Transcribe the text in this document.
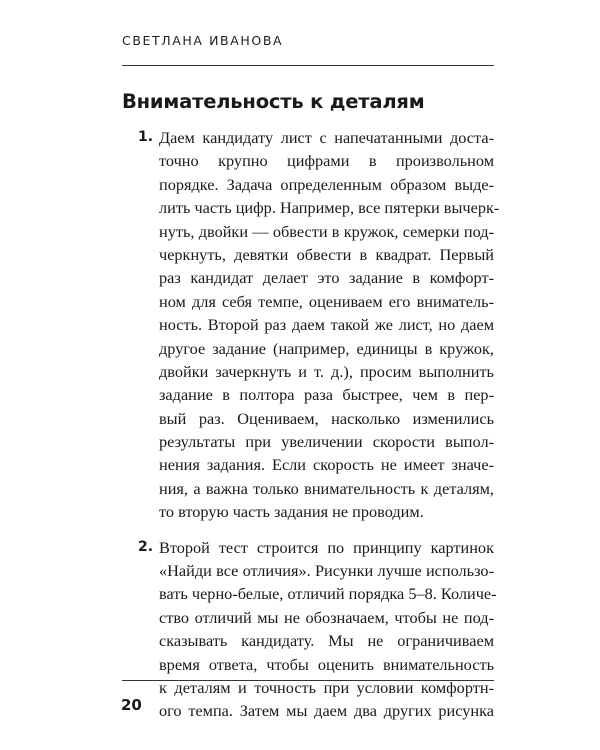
СВЕТЛАНА ИВАНОВА
Внимательность к деталям
1. Даем кандидату лист с напечатанными доста-
точно крупно цифрами в произвольном
порядке. Задача определенным образом выде-
лить часть цифр. Например, все пятерки вычерк-
нуть, двойки — обвести в кружок, семерки под-
черкнуть, девятки обвести в квадрат. Первый
раз кандидат делает это задание в комфорт-
ном для себя темпе, оцениваем его вниматель-
ность. Второй раз даем такой же лист, но даем
другое задание (например, единицы в кружок,
двойки зачеркнуть и т. д.), просим выполнить
задание в полтора раза быстрее, чем в пер-
вый раз. Оцениваем, насколько изменились
результаты при увеличении скорости выпол-
нения задания. Если скорость не имеет значе-
ния, а важна только внимательность к деталям,
то вторую часть задания не проводим.
2. Второй тест строится по принципу картинок
«Найди все отличия». Рисунки лучше использо-
вать черно-белые, отличий порядка 5–8. Количе-
ство отличий мы не обозначаем, чтобы не под-
сказывать кандидату. Мы не ограничиваем
время ответа, чтобы оценить внимательность
к деталям и точность при условии комфортн-
ого темпа. Затем мы даем два других рисунка
20
